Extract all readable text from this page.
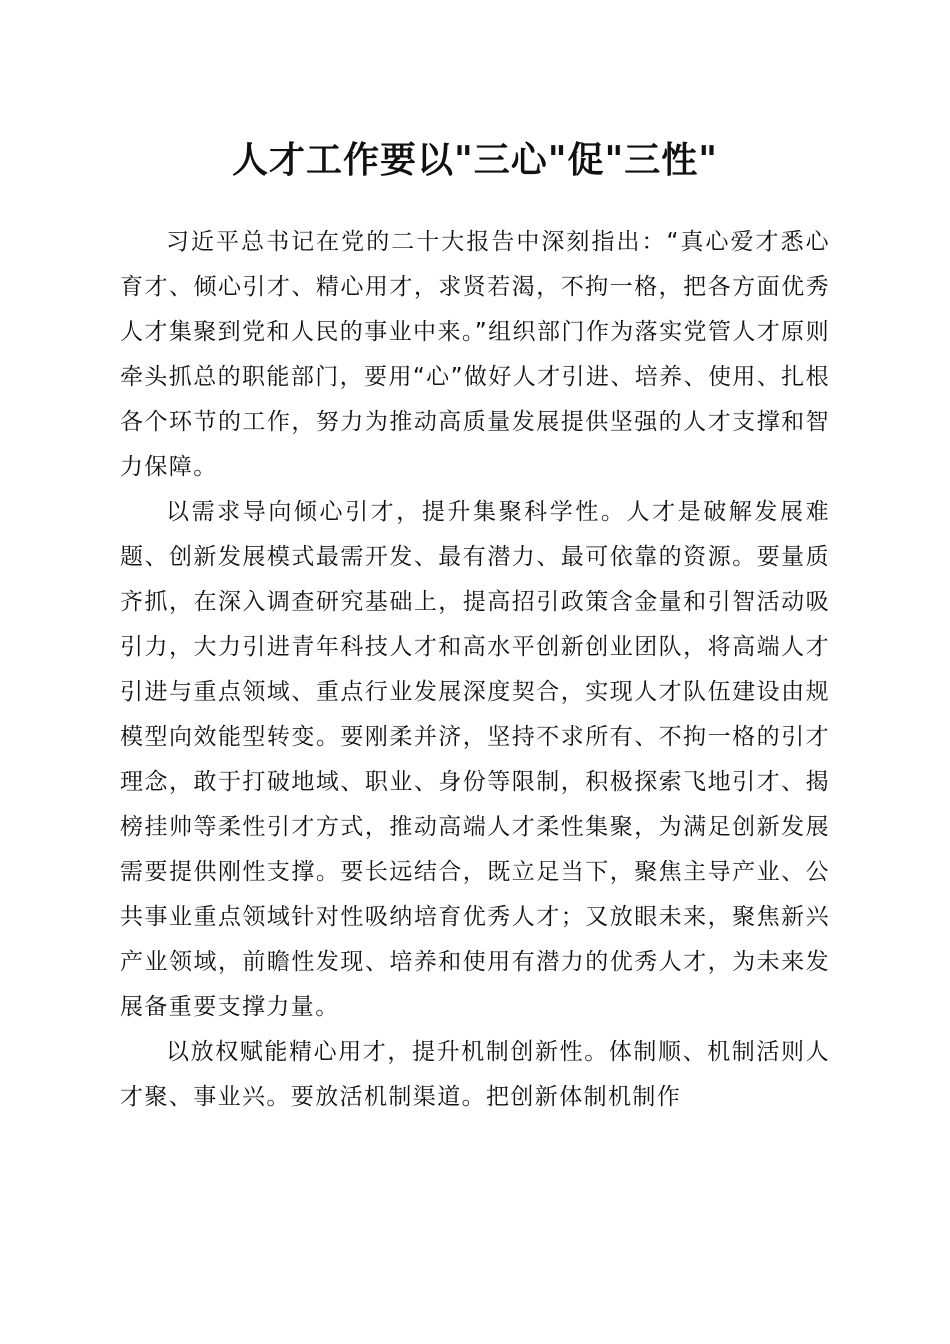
人才工作要以"三心"促"三性"

习近平总书记在党的二十大报告中深刻指出：“真心爱才悉心育才、倾心引才、精心用才，求贤若渴，不拘一格，把各方面优秀人才集聚到党和人民的事业中来。”组织部门作为落实党管人才原则牵头抓总的职能部门，要用“心”做好人才引进、培养、使用、扎根各个环节的工作，努力为推动高质量发展提供坚强的人才支撑和智力保障。

以需求导向倾心引才，提升集聚科学性。人才是破解发展难题、创新发展模式最需开发、最有潜力、最可依靠的资源。要量质齐抓，在深入调查研究基础上，提高招引政策含金量和引智活动吸引力，大力引进青年科技人才和高水平创新创业团队，将高端人才引进与重点领域、重点行业发展深度契合，实现人才队伍建设由规模型向效能型转变。要刚柔并济，坚持不求所有、不拘一格的引才理念，敢于打破地域、职业、身份等限制，积极探索飞地引才、揭榜挂帅等柔性引才方式，推动高端人才柔性集聚，为满足创新发展需要提供刚性支撑。要长远结合，既立足当下，聚焦主导产业、公共事业重点领域针对性吸纳培育优秀人才；又放眼未来，聚焦新兴产业领域，前瞻性发现、培养和使用有潜力的优秀人才，为未来发展备重要支撑力量。

以放权赋能精心用才，提升机制创新性。体制顺、机制活则人才聚、事业兴。要放活机制渠道。把创新体制机制作
